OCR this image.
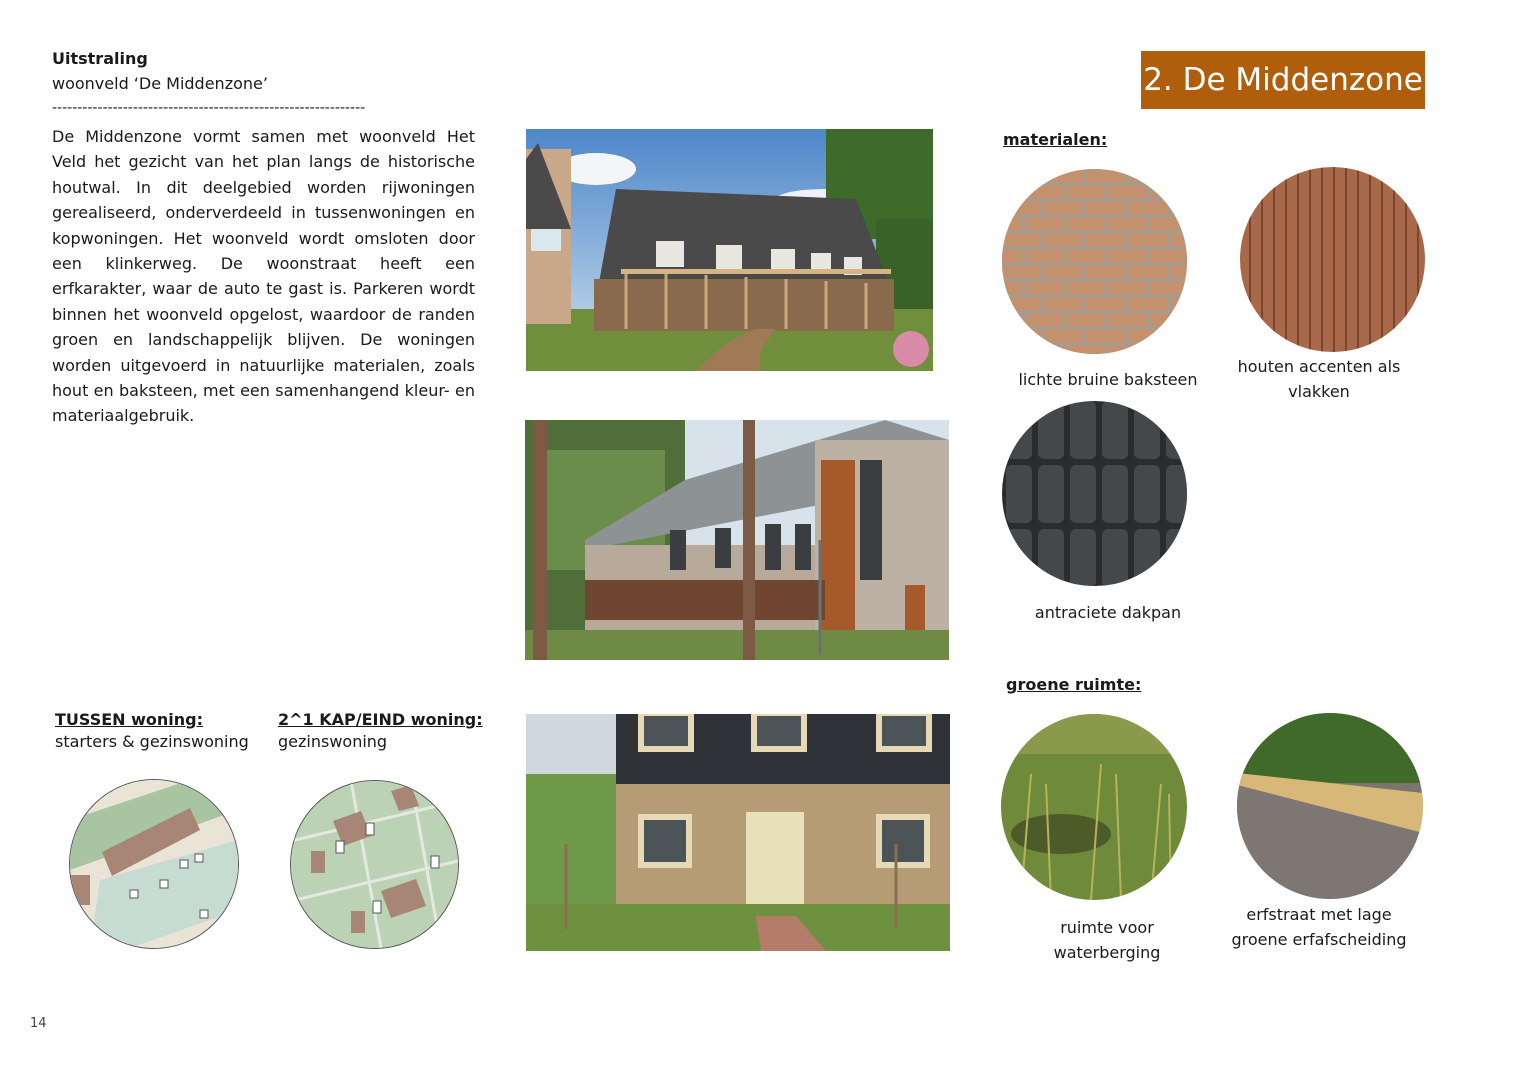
Uitstraling
woonveld ‘De Middenzone’
--------------------------------------------------------------
De Middenzone vormt samen met woonveld Het Veld het gezicht van het plan langs de historische houtwal. In dit deelgebied worden rijwoningen gerealiseerd, onderverdeeld in tussenwoningen en kopwoningen. Het woonveld wordt omsloten door een klinkerweg. De woonstraat heeft een erfkarakter, waar de auto te gast is. Parkeren wordt binnen het woonveld opgelost, waardoor de randen groen en landschappelijk blijven. De woningen worden uitgevoerd in natuurlijke materialen, zoals hout en baksteen, met een samenhangend kleur- en materiaalgebruik.
2. De Middenzone
materialen:
lichte bruine baksteen
houten accenten als vlakken
antraciete dakpan
groene ruimte:
ruimte voor waterberging
erfstraat met lage groene erfafscheiding
TUSSEN woning:
starters & gezinswoning
2^1 KAP/EIND woning:
gezinswoning
14
